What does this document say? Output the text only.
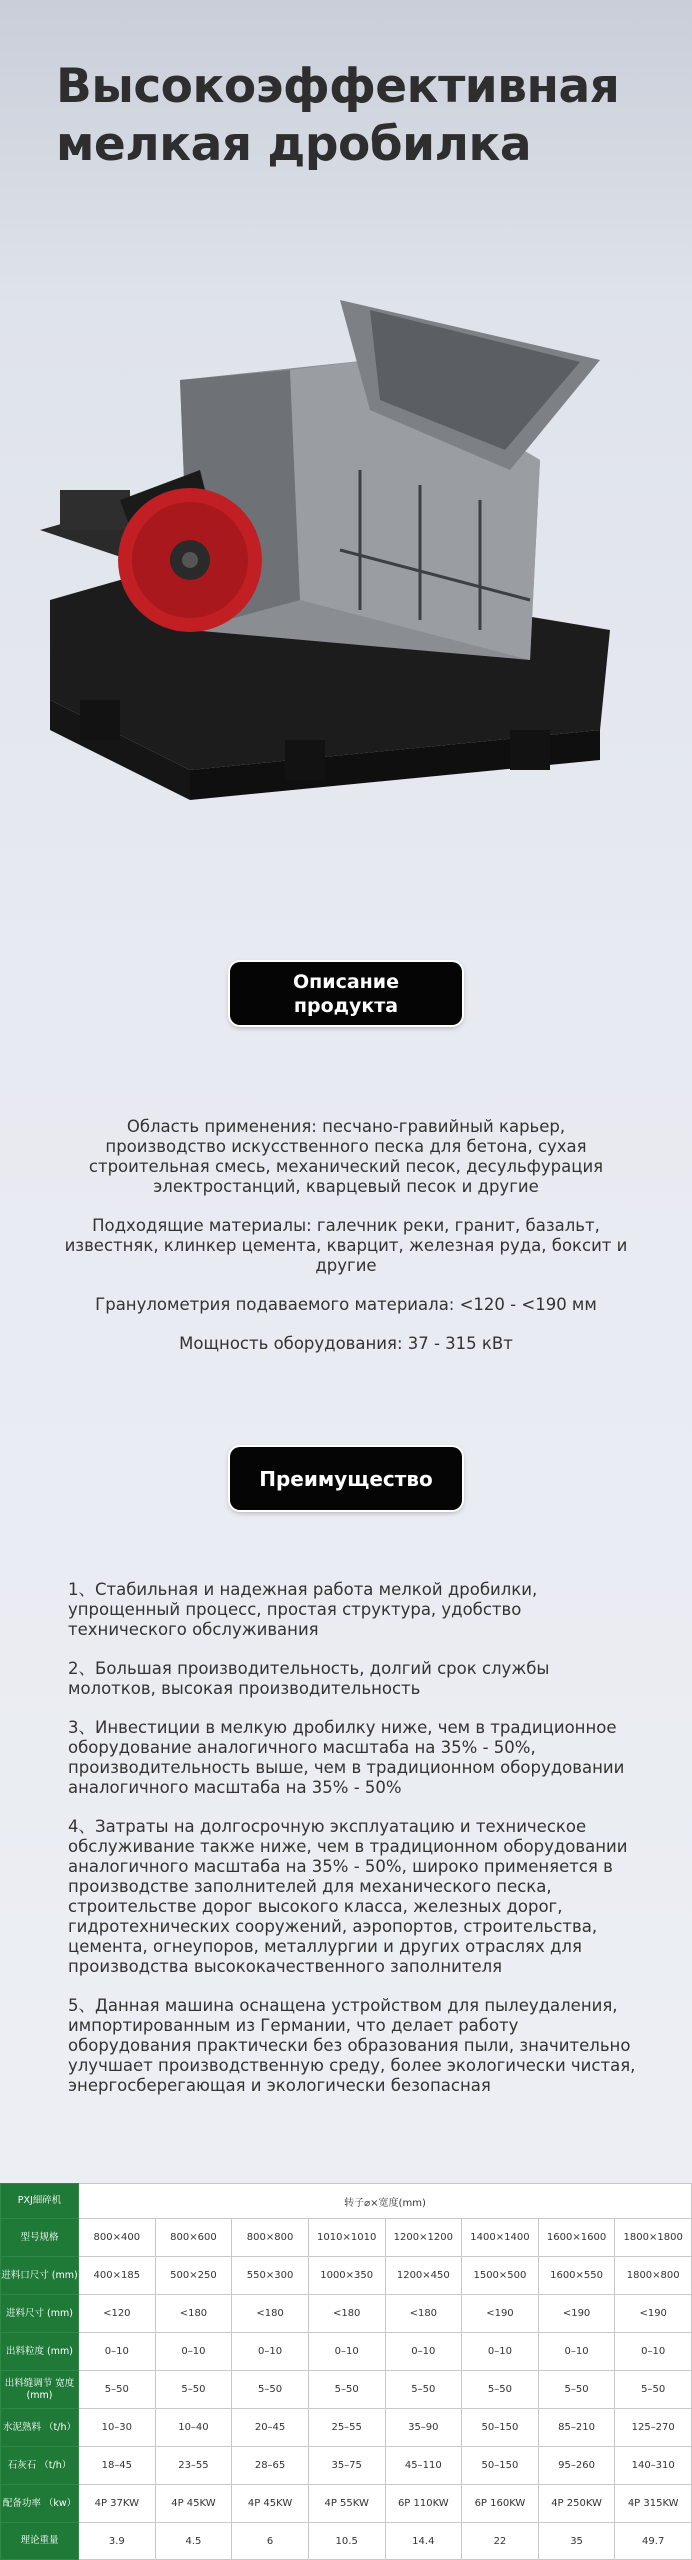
Высокоэффективная мелкая дробилка
Описание продукта

Область применения: песчано-гравийный карьер, производство искусственного песка для бетона, сухая строительная смесь, механический песок, десульфурация электростанций, кварцевый песок и другие

Подходящие материалы: галечник реки, гранит, базальт, известняк, клинкер цемента, кварцит, железная руда, боксит и другие

Гранулометрия подаваемого материала: <120 - <190 мм

Мощность оборудования: 37 - 315 кВт

Преимущество

1、Стабильная и надежная работа мелкой дробилки, упрощенный процесс, простая структура, удобство технического обслуживания

2、Большая производительность, долгий срок службы молотков, высокая производительность

3、Инвестиции в мелкую дробилку ниже, чем в традиционное оборудование аналогичного масштаба на 35% - 50%, производительность выше, чем в традиционном оборудовании аналогичного масштаба на 35% - 50%

4、Затраты на долгосрочную эксплуатацию и техническое обслуживание также ниже, чем в традиционном оборудовании аналогичного масштаба на 35% - 50%, широко применяется в производстве заполнителей для механического песка, строительстве дорог высокого класса, железных дорог, гидротехнических сооружений, аэропортов, строительства, цемента, огнеупоров, металлургии и других отраслях для производства высококачественного заполнителя

5、Данная машина оснащена устройством для пылеудаления, импортированным из Германии, что делает работу оборудования практически без образования пыли, значительно улучшает производственную среду, более экологически чистая, энергосберегающая и экологически безопасная

PXJ細碎机	转子⌀×宽度(mm)							
型号规格	800×400	800×600	800×800	1010×1010	1200×1200	1400×1400	1600×1600	1800×1800
进料口尺寸 (mm)	400×185	500×250	550×300	1000×350	1200×450	1500×500	1600×550	1800×800
进料尺寸 (mm)	<120	<180	<180	<180	<180	<190	<190	<190
出料粒度 (mm)	0–10	0–10	0–10	0–10	0–10	0–10	0–10	0–10
出料缝调节 宽度(mm)	5–50	5–50	5–50	5–50	5–50	5–50	5–50	5–50
水泥熟料 （t/h）	10–30	10–40	20–45	25–55	35–90	50–150	85–210	125–270
石灰石 （t/h）	18–45	23–55	28–65	35–75	45–110	50–150	95–260	140–310
配备功率 （kw）	4P 37KW	4P 45KW	4P 45KW	4P 55KW	6P 110KW	6P 160KW	4P 250KW	4P 315KW
理论重量	3.9	4.5	6	10.5	14.4	22	35	49.7
